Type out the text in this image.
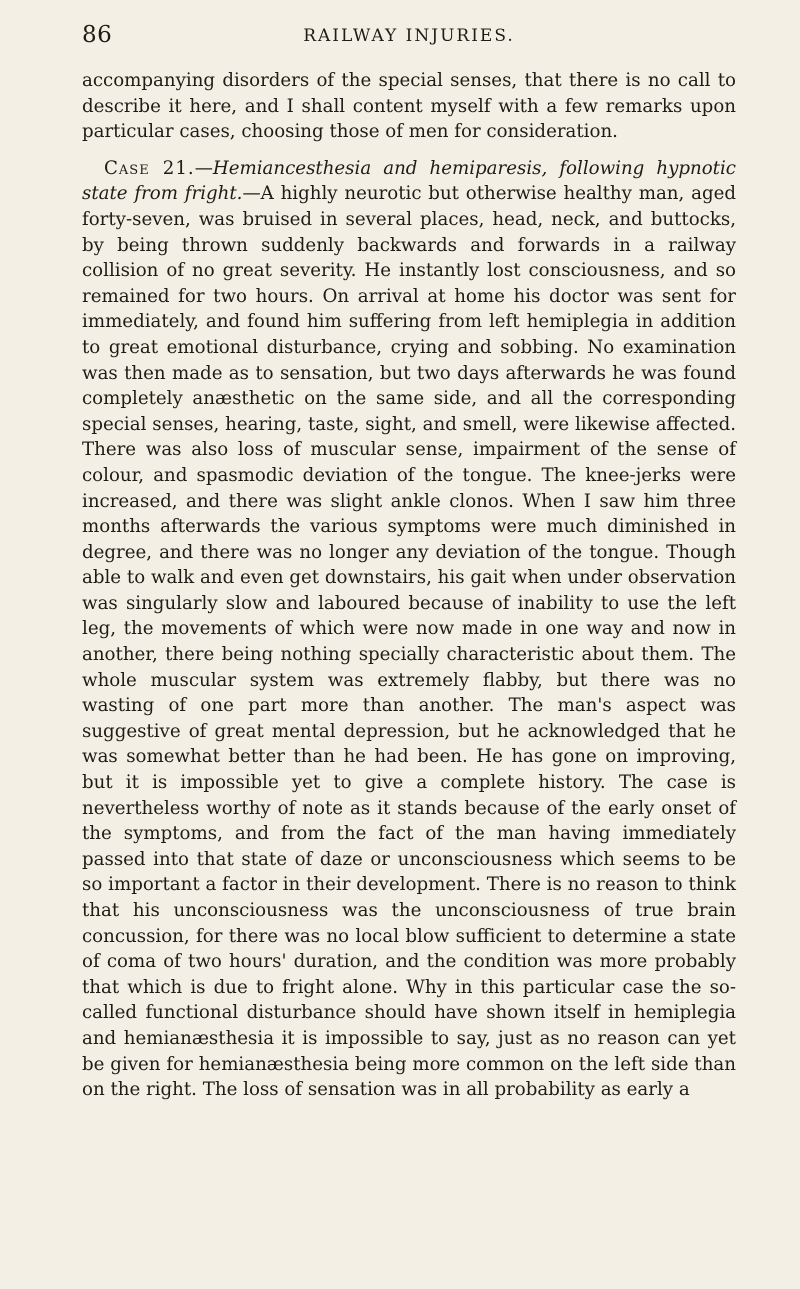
86	RAILWAY INJURIES.

accompanying disorders of the special senses, that there is no call to describe it here, and I shall content myself with a few remarks upon particular cases, choosing those of men for consideration.

Case 21.—Hemiancesthesia and hemiparesis, following hypnotic state from fright.—A highly neurotic but otherwise healthy man, aged forty-seven, was bruised in several places, head, neck, and buttocks, by being thrown suddenly backwards and forwards in a railway collision of no great severity. He instantly lost consciousness, and so remained for two hours. On arrival at home his doctor was sent for immediately, and found him suffering from left hemiplegia in addition to great emotional disturbance, crying and sobbing. No examination was then made as to sensation, but two days afterwards he was found completely anæsthetic on the same side, and all the corresponding special senses, hearing, taste, sight, and smell, were likewise affected. There was also loss of muscular sense, impairment of the sense of colour, and spasmodic deviation of the tongue. The knee-jerks were increased, and there was slight ankle clonos. When I saw him three months afterwards the various symptoms were much diminished in degree, and there was no longer any deviation of the tongue. Though able to walk and even get downstairs, his gait when under observation was singularly slow and laboured because of inability to use the left leg, the movements of which were now made in one way and now in another, there being nothing specially characteristic about them. The whole muscular system was extremely flabby, but there was no wasting of one part more than another. The man's aspect was suggestive of great mental depression, but he acknowledged that he was somewhat better than he had been. He has gone on improving, but it is impossible yet to give a complete history. The case is nevertheless worthy of note as it stands because of the early onset of the symptoms, and from the fact of the man having immediately passed into that state of daze or unconsciousness which seems to be so important a factor in their development. There is no reason to think that his unconsciousness was the unconsciousness of true brain concussion, for there was no local blow sufficient to determine a state of coma of two hours' duration, and the condition was more probably that which is due to fright alone. Why in this particular case the so-called functional disturbance should have shown itself in hemiplegia and hemianæsthesia it is impossible to say, just as no reason can yet be given for hemianæsthesia being more common on the left side than on the right. The loss of sensation was in all probability as early a
